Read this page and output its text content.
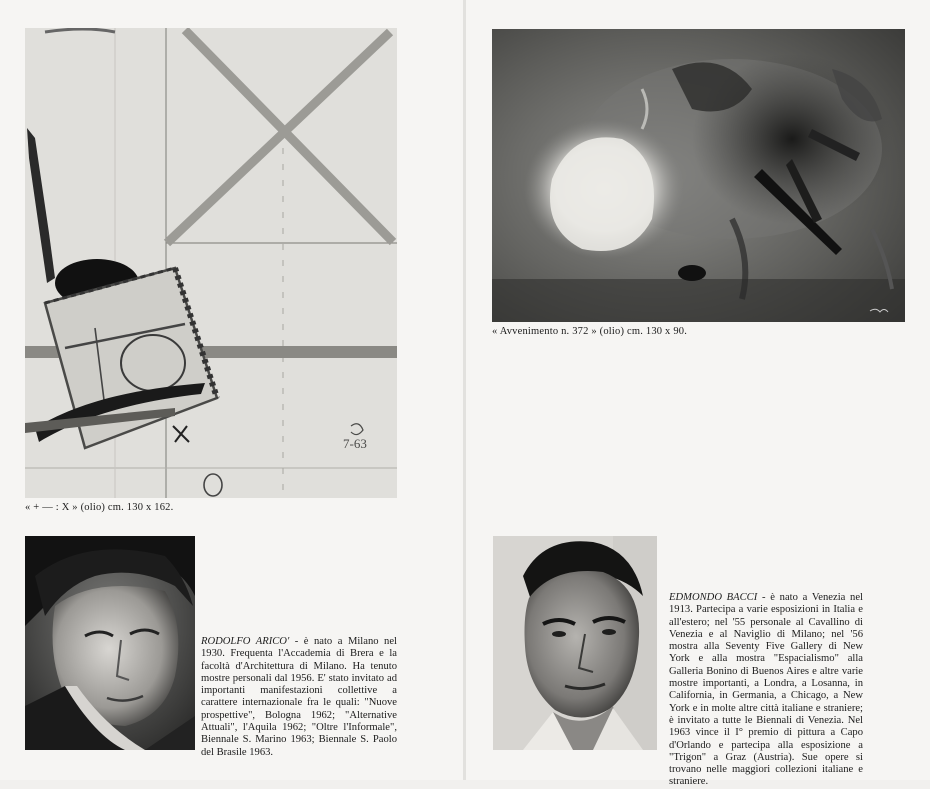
7-63
« + — : X » (olio) cm. 130 x 162.

RODOLFO ARICO' - è nato a Milano nel 1930. Frequenta l'Accademia di Brera e la facoltà d'Architettura di Milano. Ha tenuto mostre personali dal 1956. E' stato invitato ad importanti manifestazioni collettive a carattere internazionale fra le quali: "Nuove prospettive", Bologna 1962; "Alternative Attuali", l'Aquila 1962; "Oltre l'Informale", Biennale S. Marino 1963; Biennale S. Paolo del Brasile 1963.

« Avvenimento n. 372 » (olio) cm. 130 x 90.

EDMONDO BACCI - è nato a Venezia nel 1913. Partecipa a varie esposizioni in Italia e all'estero; nel '55 personale al Cavallino di Venezia e al Naviglio di Milano; nel '56 mostra alla Seventy Five Gallery di New York e alla mostra "Espacialismo" alla Galleria Bonino di Buenos Aires e altre varie mostre importanti, a Londra, a Losanna, in California, in Germania, a Chicago, a New York e in molte altre città italiane e straniere; è invitato a tutte le Biennali di Venezia. Nel 1963 vince il I° premio di pittura a Capo d'Orlando e partecipa alla esposizione a "Trigon" a Graz (Austria). Sue opere si trovano nelle maggiori collezioni italiane e straniere.
